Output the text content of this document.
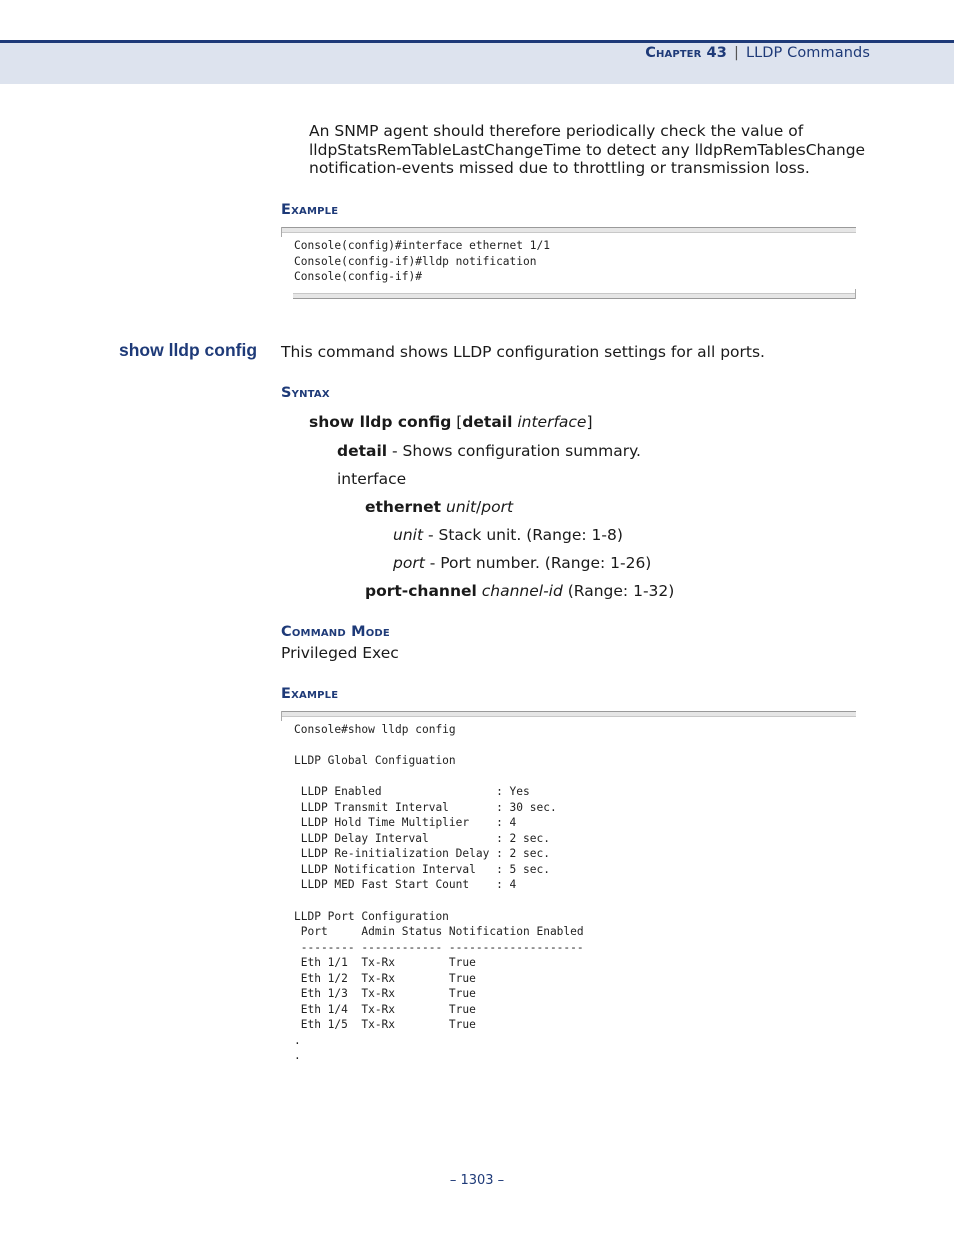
Chapter 43 | LLDP Commands
An SNMP agent should therefore periodically check the value of
lldpStatsRemTableLastChangeTime to detect any lldpRemTablesChange
notification-events missed due to throttling or transmission loss.
Example
Console(config)#interface ethernet 1/1
Console(config-if)#lldp notification
Console(config-if)#
show lldp config This command shows LLDP configuration settings for all ports.
Syntax
show lldp config [detail interface]
detail - Shows configuration summary.
interface
ethernet unit/port
unit - Stack unit. (Range: 1-8)
port - Port number. (Range: 1-26)
port-channel channel-id (Range: 1-32)
Command Mode
Privileged Exec
Example
Console#show lldp config

LLDP Global Configuation

LLDP Enabled                 : Yes
LLDP Transmit Interval       : 30 sec.
LLDP Hold Time Multiplier    : 4
LLDP Delay Interval          : 2 sec.
LLDP Re-initialization Delay : 2 sec.
LLDP Notification Interval   : 5 sec.
LLDP MED Fast Start Count    : 4

LLDP Port Configuration
Port     Admin Status Notification Enabled
-------- ------------ --------------------
Eth 1/1  Tx-Rx        True
Eth 1/2  Tx-Rx        True
Eth 1/3  Tx-Rx        True
Eth 1/4  Tx-Rx        True
Eth 1/5  Tx-Rx        True
.
.
– 1303 –
